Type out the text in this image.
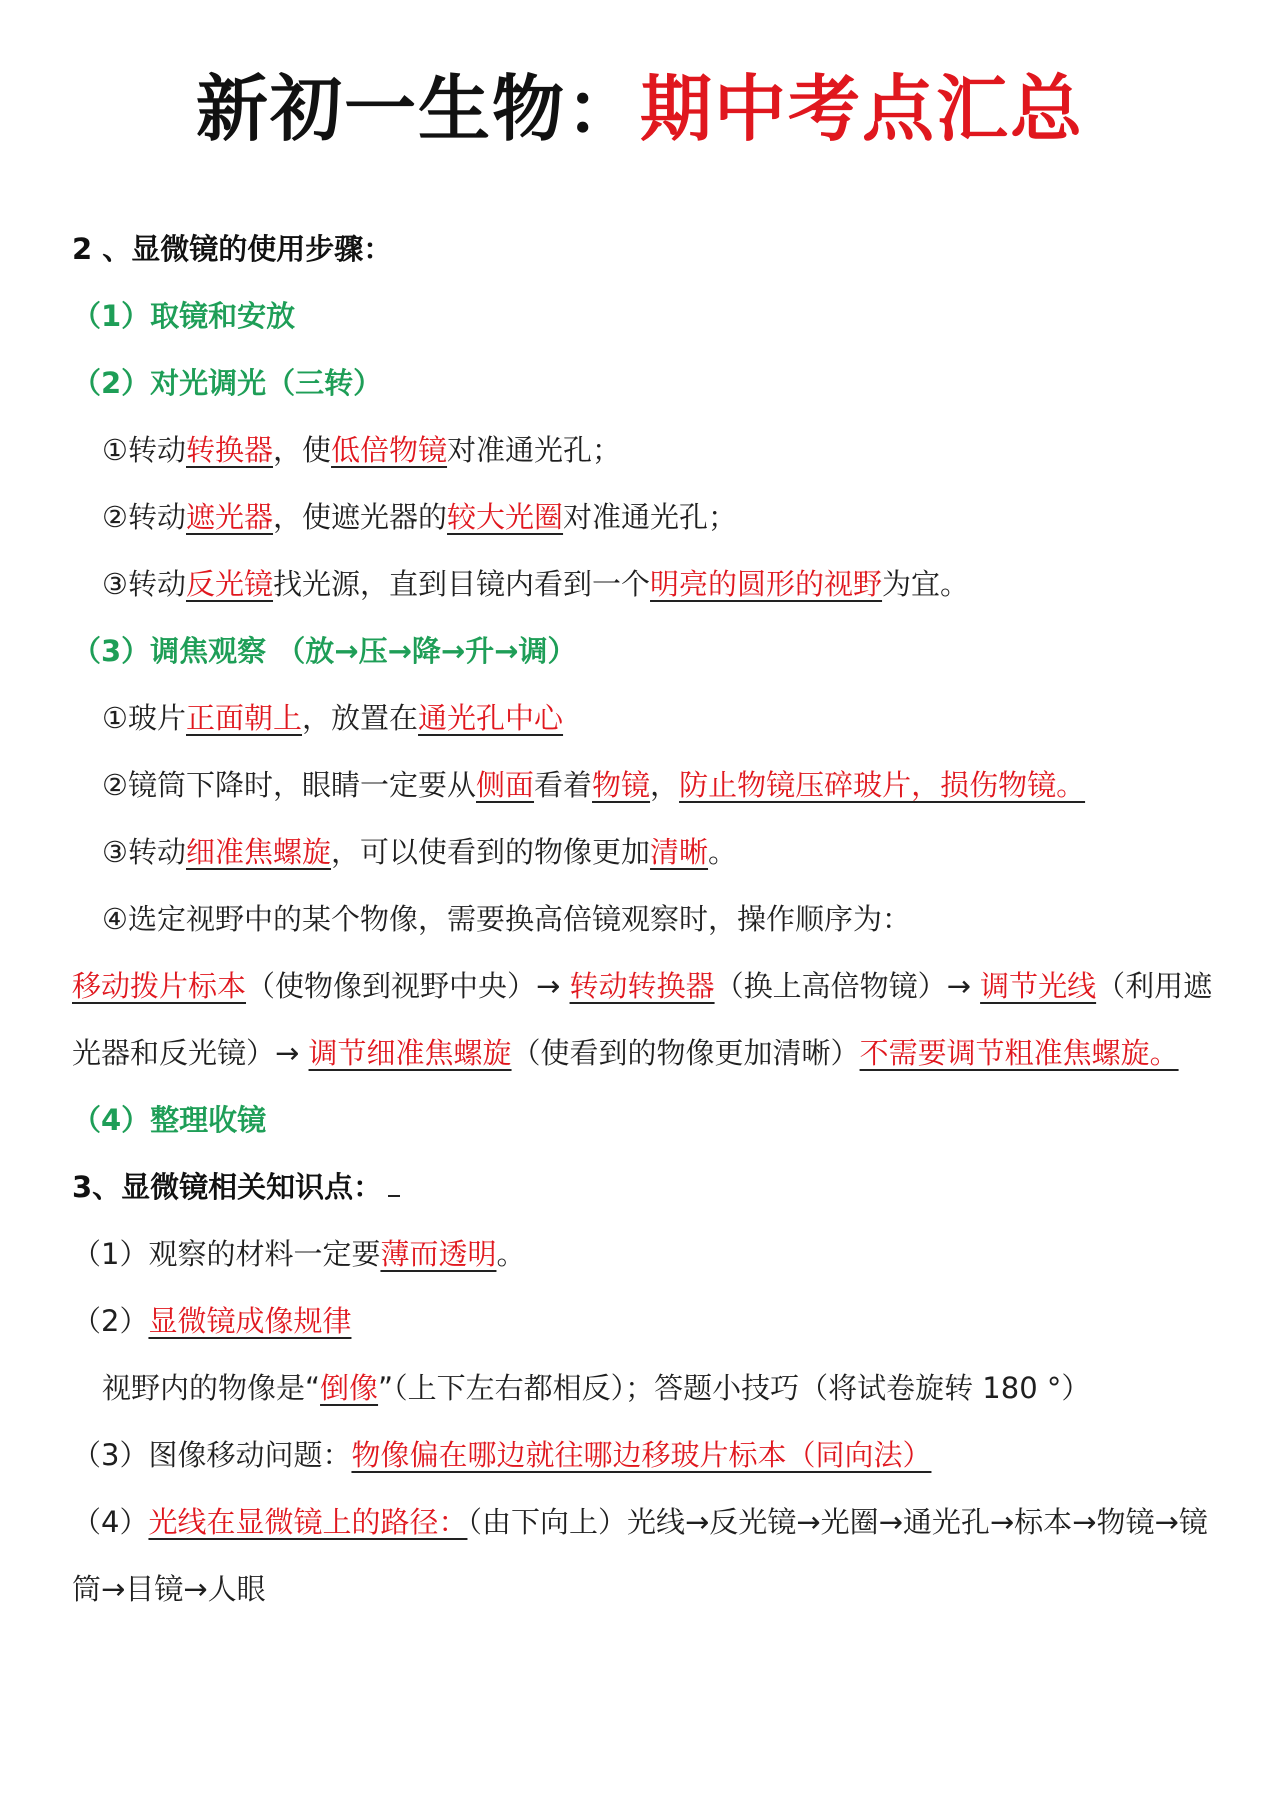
新初一生物：期中考点汇总
2 、显微镜的使用步骤：
（1）取镜和安放
（2）对光调光（三转）
①转动转换器，使低倍物镜对准通光孔；
②转动遮光器，使遮光器的较大光圈对准通光孔；
③转动反光镜找光源，直到目镜内看到一个明亮的圆形的视野为宜。
（3）调焦观察 （放→压→降→升→调）
①玻片正面朝上，放置在通光孔中心
②镜筒下降时，眼睛一定要从侧面看着物镜，防止物镜压碎玻片，损伤物镜。
③转动细准焦螺旋，可以使看到的物像更加清晰。
④选定视野中的某个物像，需要换高倍镜观察时，操作顺序为：
移动拨片标本（使物像到视野中央）→ 转动转换器（换上高倍物镜）→ 调节光线（利用遮光器和反光镜）→ 调节细准焦螺旋（使看到的物像更加清晰）不需要调节粗准焦螺旋。
（4）整理收镜
3、显微镜相关知识点：
（1）观察的材料一定要薄而透明。
（2）显微镜成像规律
视野内的物像是“倒像”（上下左右都相反）；答题小技巧（将试卷旋转 180 °）
（3）图像移动问题：物像偏在哪边就往哪边移玻片标本（同向法）
（4）光线在显微镜上的路径：（由下向上）光线→反光镜→光圈→通光孔→标本→物镜→镜筒→目镜→人眼
